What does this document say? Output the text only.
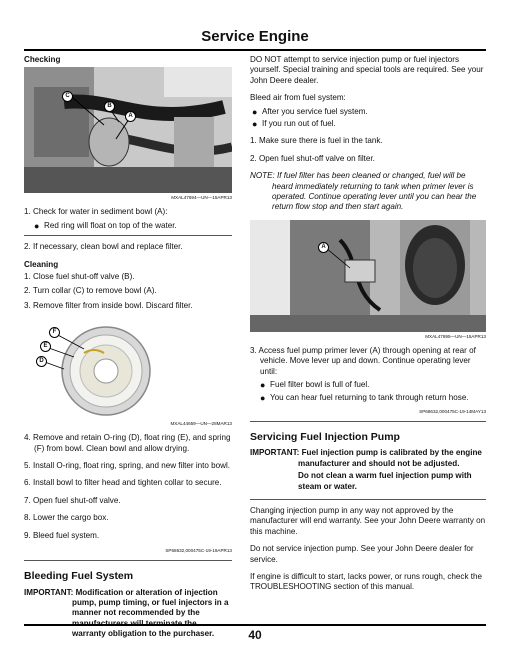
Service Engine

Checking

C
B
A

MXAL47694—UN—15APR13

1. Check for water in sediment bowl (A):

● Red ring will float on top of the water.

2. If necessary, clean bowl and replace filter.

Cleaning

1. Close fuel shut-off valve (B).

2. Turn collar (C) to remove bowl (A).

3. Remove filter from inside bowl. Discard filter.

F
E
D

MXAL44659—UN—28MAR13

4. Remove and retain O-ring (D), float ring (E), and spring (F) from bowl. Clean bowl and allow drying.

5. Install O-ring, float ring, spring, and new filter into bowl.

6. Install bowl to filter head and tighten collar to secure.

7. Open fuel shut-off valve.

8. Lower the cargo box.

9. Bleed fuel system.

SP68632,000475C-19-19APR13

Bleeding Fuel System

IMPORTANT: Modification or alteration of injection pump, pump timing, or fuel injectors in a manner not recommended by the manufacturers will terminate the warranty obligation to the purchaser.

DO NOT attempt to service injection pump or fuel injectors yourself. Special training and special tools are required. See your John Deere dealer.

Bleed air from fuel system:

● After you service fuel system.

● If you run out of fuel.

1. Make sure there is fuel in the tank.

2. Open fuel shut-off valve on filter.

NOTE: If fuel filter has been cleaned or changed, fuel will be heard immediately returning to tank when primer lever is operated. Continue operating lever until you can hear the return flow stop and then start again.

A

MXAL47695—UN—15APR13

3. Access fuel pump primer lever (A) through opening at rear of vehicle. Move lever up and down. Continue operating lever until:

● Fuel filter bowl is full of fuel.

● You can hear fuel returning to tank through return hose.

SP68632,000475C-19-14MAY13

Servicing Fuel Injection Pump

IMPORTANT: Fuel injection pump is calibrated by the engine manufacturer and should not be adjusted.

Do not clean a warm fuel injection pump with steam or water.

Changing injection pump in any way not approved by the manufacturer will end warranty. See your John Deere warranty on this machine.

Do not service injection pump. See your John Deere dealer for service.

If engine is difficult to start, lacks power, or runs rough, check the TROUBLESHOOTING section of this manual.

40
